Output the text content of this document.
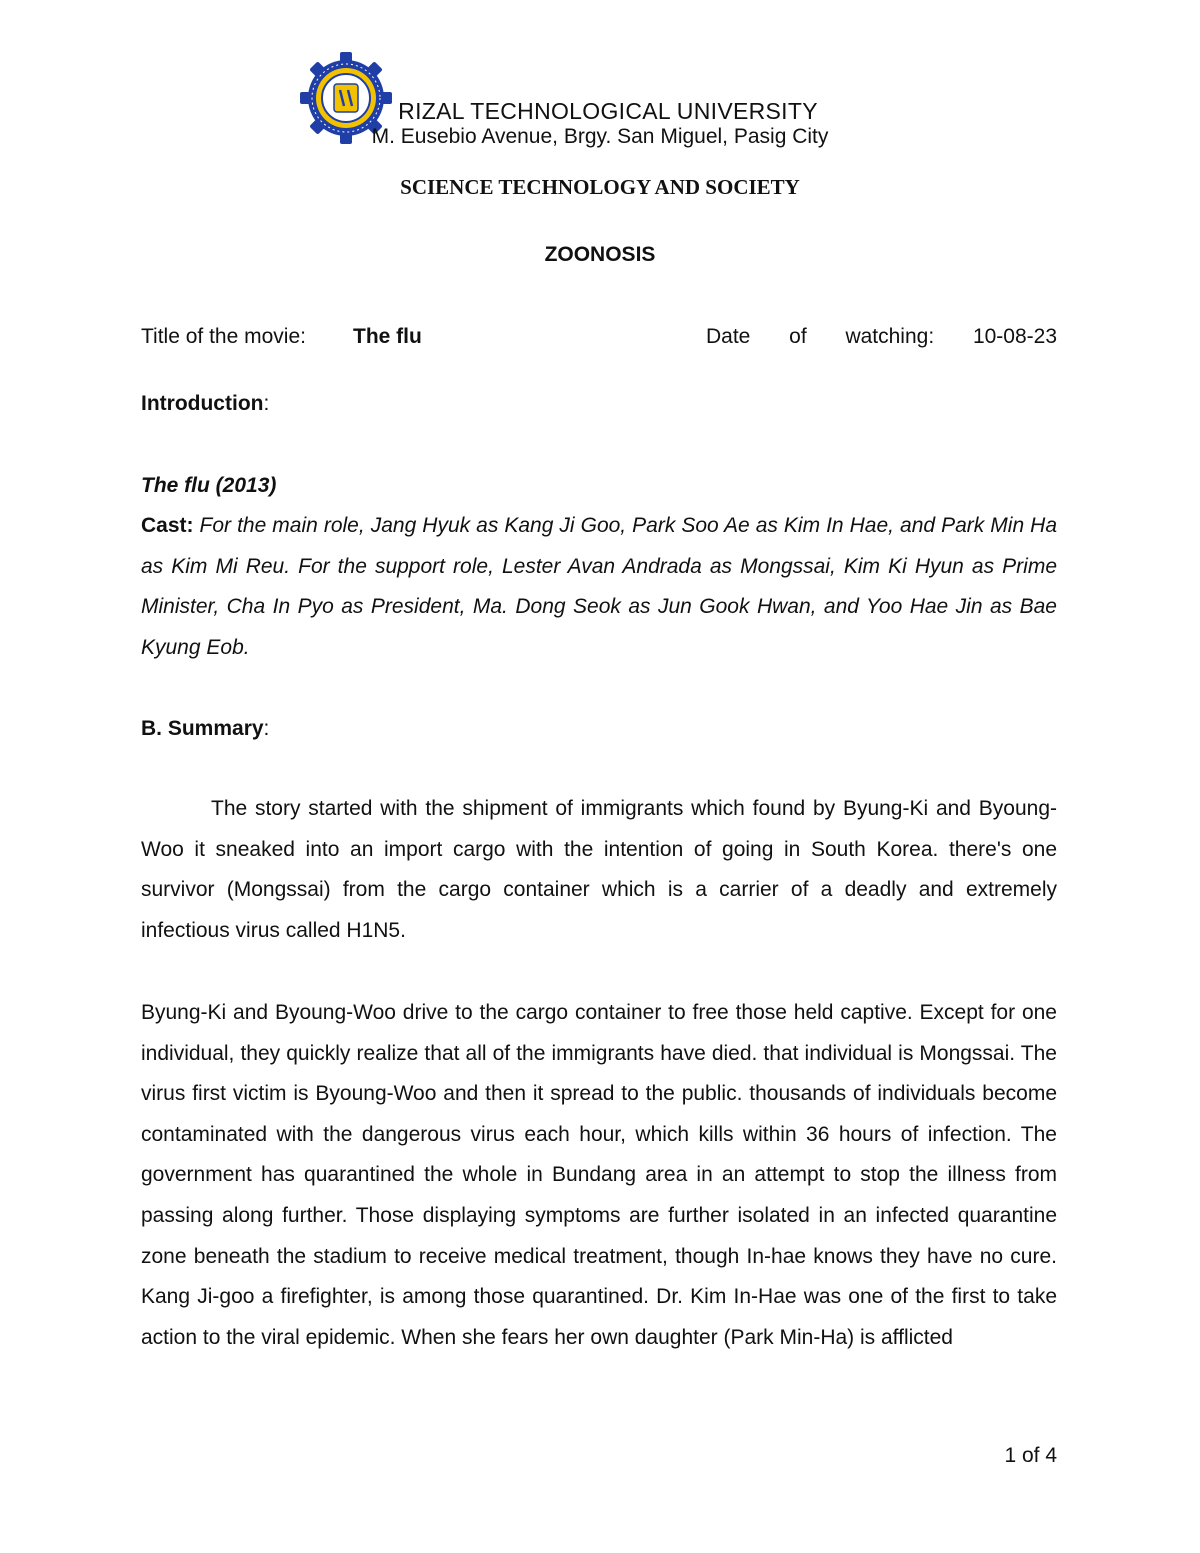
RIZAL TECHNOLOGICAL UNIVERSITY
M. Eusebio Avenue, Brgy. San Miguel, Pasig City
SCIENCE TECHNOLOGY AND SOCIETY
ZOONOSIS
Title of the movie: The flu	Date of watching: 10-08-23
Introduction:
The flu (2013)
Cast: For the main role, Jang Hyuk as Kang Ji Goo, Park Soo Ae as Kim In Hae, and Park Min Ha as Kim Mi Reu. For the support role, Lester Avan Andrada as Mongssai, Kim Ki Hyun as Prime Minister, Cha In Pyo as President, Ma. Dong Seok as Jun Gook Hwan, and Yoo Hae Jin as Bae Kyung Eob.
B. Summary:
The story started with the shipment of immigrants which found by Byung-Ki and Byoung-Woo it sneaked into an import cargo with the intention of going in South Korea. there's one survivor (Mongssai) from the cargo container which is a carrier of a deadly and extremely infectious virus called H1N5.
Byung-Ki and Byoung-Woo drive to the cargo container to free those held captive. Except for one individual, they quickly realize that all of the immigrants have died. that individual is Mongssai. The virus first victim is Byoung-Woo and then it spread to the public. thousands of individuals become contaminated with the dangerous virus each hour, which kills within 36 hours of infection. The government has quarantined the whole in Bundang area in an attempt to stop the illness from passing along further. Those displaying symptoms are further isolated in an infected quarantine zone beneath the stadium to receive medical treatment, though In-hae knows they have no cure. Kang Ji-goo a firefighter, is among those quarantined. Dr. Kim In-Hae was one of the first to take action to the viral epidemic. When she fears her own daughter (Park Min-Ha) is afflicted
1 of 4
